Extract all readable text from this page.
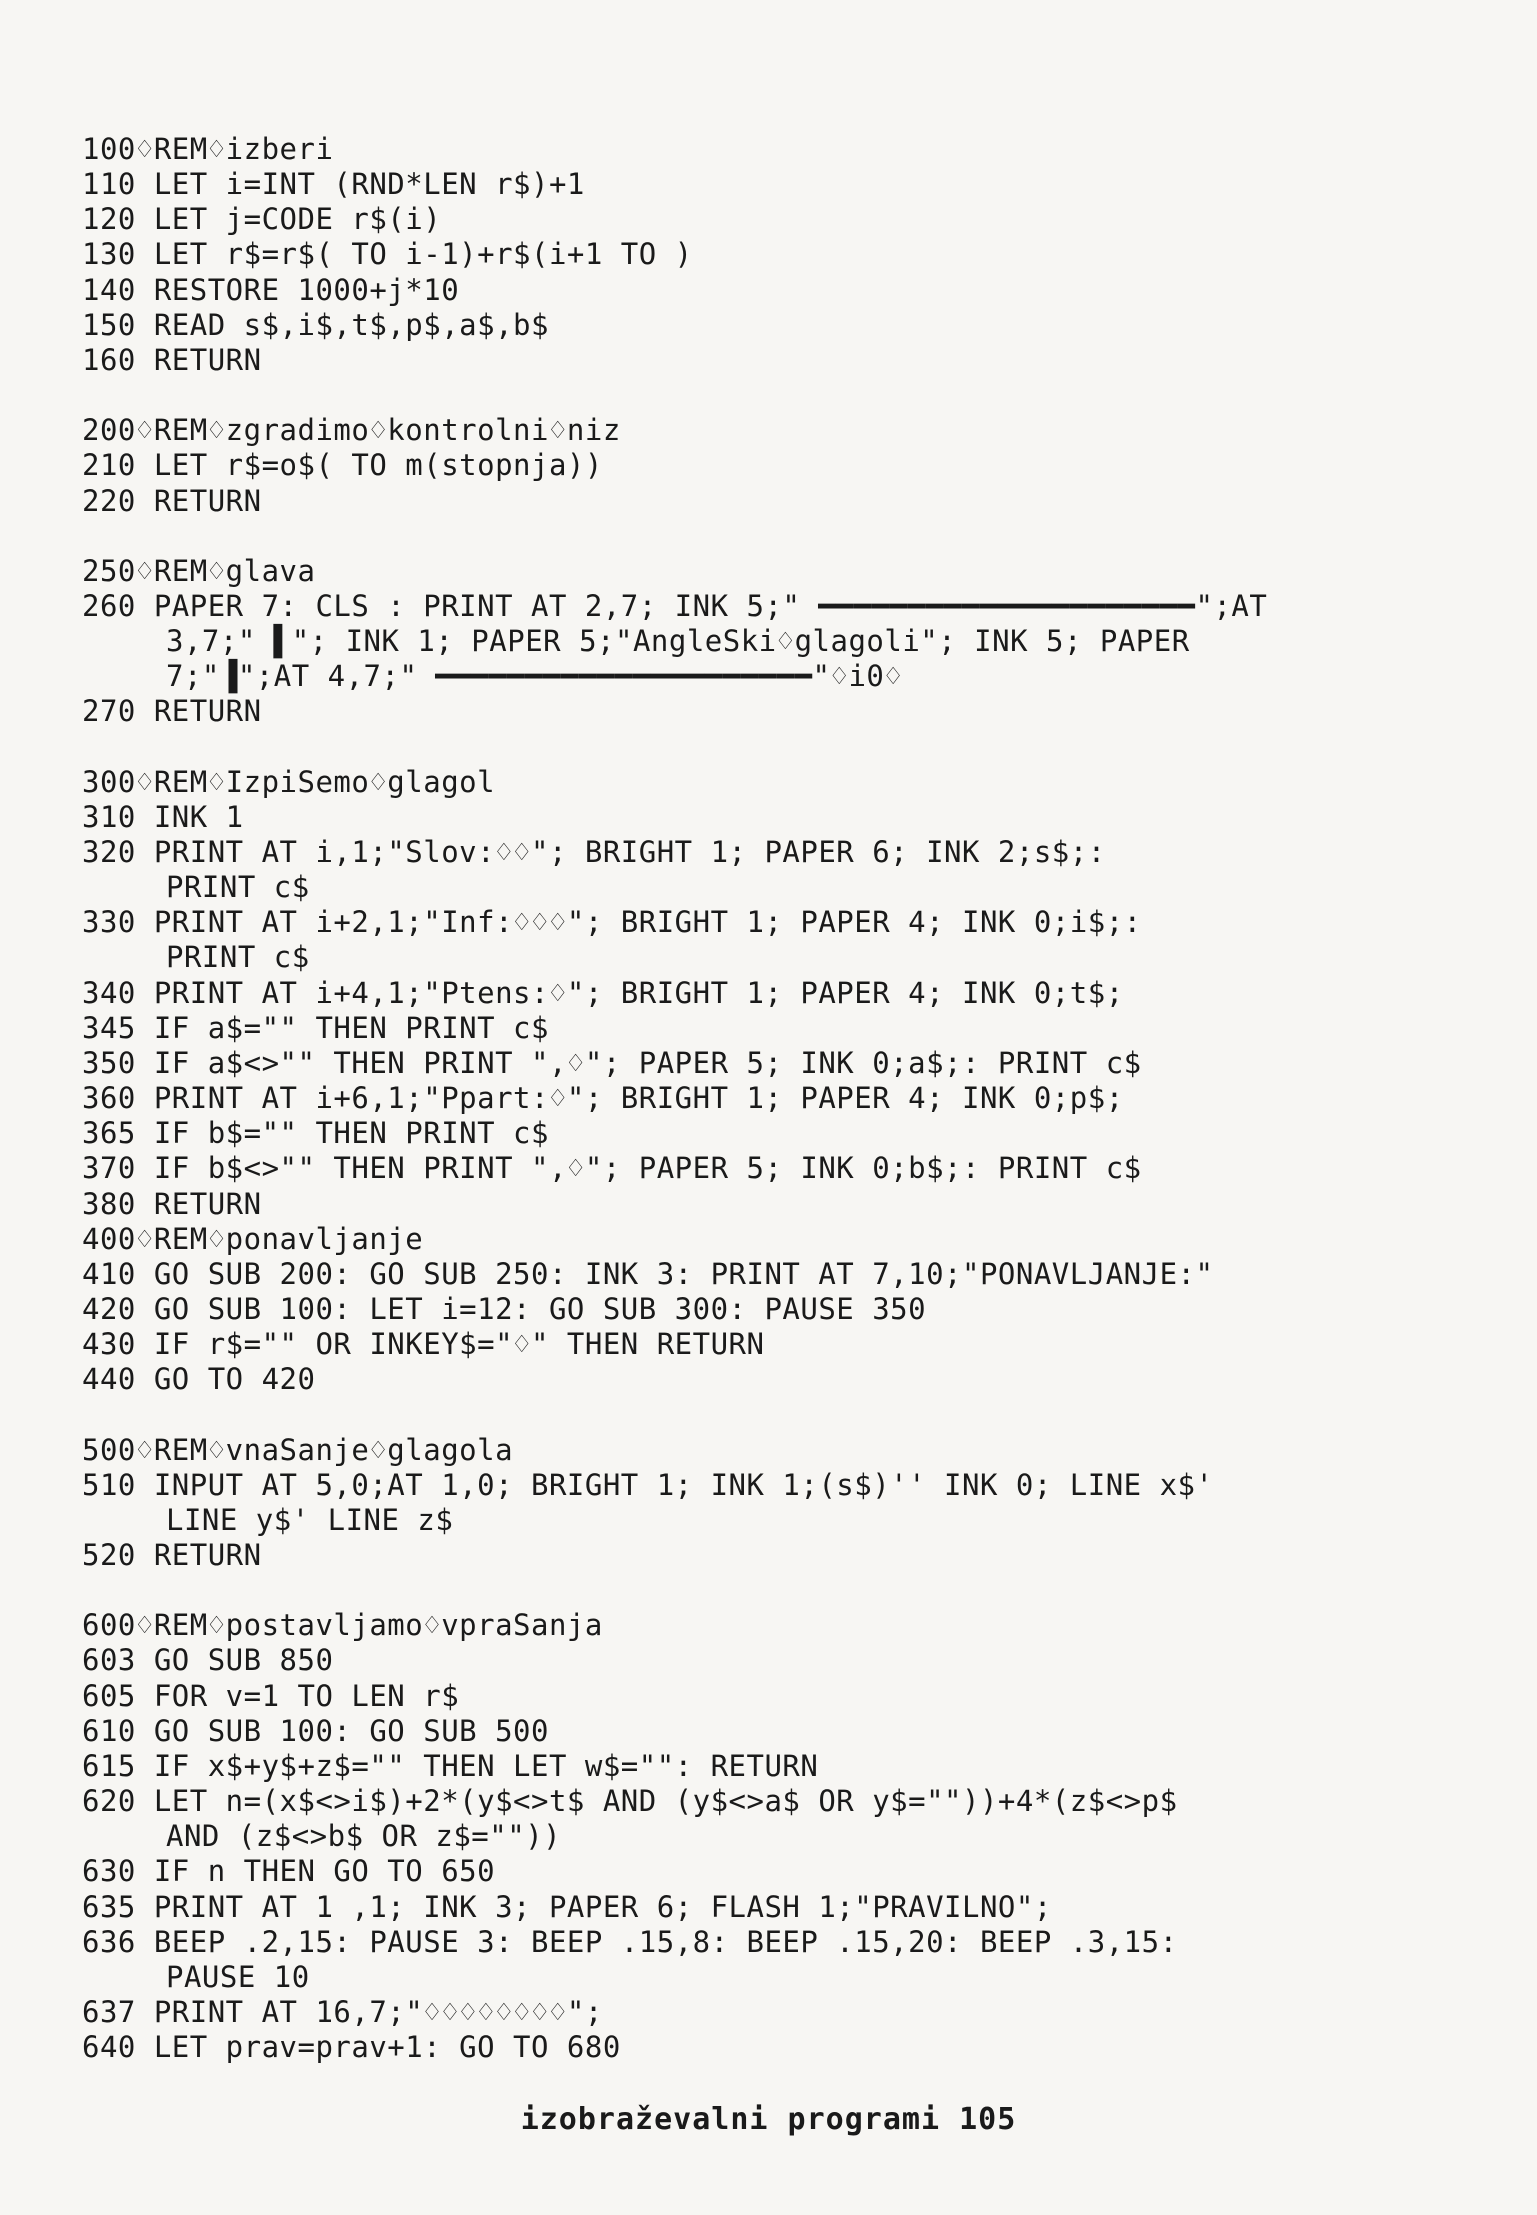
100♢REM♢izberi
110 LET i=INT (RND*LEN r$)+1
120 LET j=CODE r$(i)
130 LET r$=r$( TO i-1)+r$(i+1 TO )
140 RESTORE 1000+j*10
150 READ s$,i$,t$,p$,a$,b$
160 RETURN
200♢REM♢zgradimo♢kontrolni♢niz
210 LET r$=o$( TO m(stopnja))
220 RETURN
250♢REM♢glava
260 PAPER 7: CLS : PRINT AT 2,7; INK 5;" ━━━━━━━━━━━━━━━━━━━━━";AT
3,7;" ▌"; INK 1; PAPER 5;"AngleSki♢glagoli"; INK 5; PAPER
7;"▐";AT 4,7;" ━━━━━━━━━━━━━━━━━━━━━"♢i0♢
270 RETURN
300♢REM♢IzpiSemo♢glagol
310 INK 1
320 PRINT AT i,1;"Slov:♢♢"; BRIGHT 1; PAPER 6; INK 2;s$;:
PRINT c$
330 PRINT AT i+2,1;"Inf:♢♢♢"; BRIGHT 1; PAPER 4; INK 0;i$;:
PRINT c$
340 PRINT AT i+4,1;"Ptens:♢"; BRIGHT 1; PAPER 4; INK 0;t$;
345 IF a$="" THEN PRINT c$
350 IF a$<>"" THEN PRINT ",♢"; PAPER 5; INK 0;a$;: PRINT c$
360 PRINT AT i+6,1;"Ppart:♢"; BRIGHT 1; PAPER 4; INK 0;p$;
365 IF b$="" THEN PRINT c$
370 IF b$<>"" THEN PRINT ",♢"; PAPER 5; INK 0;b$;: PRINT c$
380 RETURN
400♢REM♢ponavljanje
410 GO SUB 200: GO SUB 250: INK 3: PRINT AT 7,10;"PONAVLJANJE:"
420 GO SUB 100: LET i=12: GO SUB 300: PAUSE 350
430 IF r$="" OR INKEY$="♢" THEN RETURN
440 GO TO 420
500♢REM♢vnaSanje♢glagola
510 INPUT AT 5,0;AT 1,0; BRIGHT 1; INK 1;(s$)'' INK 0; LINE x$'
LINE y$' LINE z$
520 RETURN
600♢REM♢postavljamo♢vpraSanja
603 GO SUB 850
605 FOR v=1 TO LEN r$
610 GO SUB 100: GO SUB 500
615 IF x$+y$+z$="" THEN LET w$="": RETURN
620 LET n=(x$<>i$)+2*(y$<>t$ AND (y$<>a$ OR y$=""))+4*(z$<>p$
AND (z$<>b$ OR z$=""))
630 IF n THEN GO TO 650
635 PRINT AT 1 ,1; INK 3; PAPER 6; FLASH 1;"PRAVILNO";
636 BEEP .2,15: PAUSE 3: BEEP .15,8: BEEP .15,20: BEEP .3,15:
PAUSE 10
637 PRINT AT 16,7;"♢♢♢♢♢♢♢♢";
640 LET prav=prav+1: GO TO 680
izobraževalni programi 105
